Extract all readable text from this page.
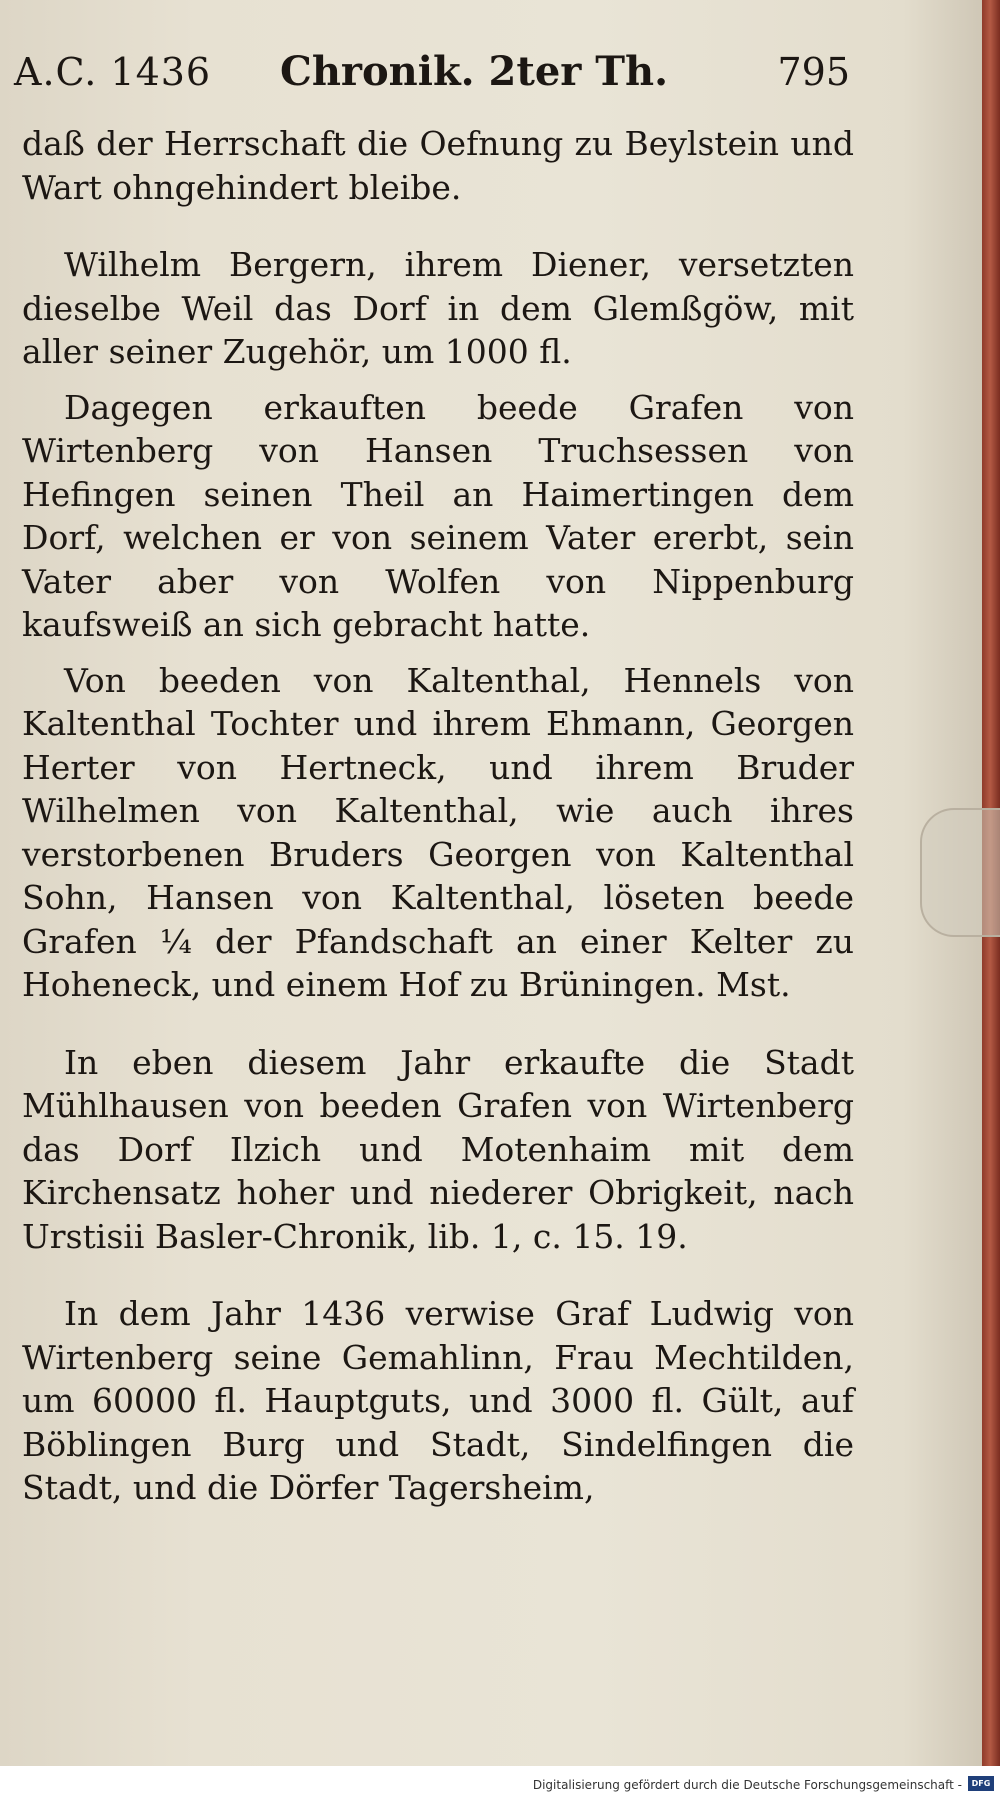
A.C. 1436 Chronik. 2ter Th.	795

daß der Herrschaft die Oefnung zu Beylstein und Wart ohngehindert bleibe.

Wilhelm Bergern, ihrem Diener, versetzten dieselbe Weil das Dorf in dem Glemßgöw, mit aller seiner Zugehör, um 1000 fl.

Dagegen erkauften beede Grafen von Wirtenberg von Hansen Truchsessen von Hefingen seinen Theil an Haimertingen dem Dorf, welchen er von seinem Vater ererbt, sein Vater aber von Wolfen von Nippenburg kaufsweiß an sich gebracht hatte.

Von beeden von Kaltenthal, Hennels von Kaltenthal Tochter und ihrem Ehmann, Georgen Herter von Hertneck, und ihrem Bruder Wilhelmen von Kaltenthal, wie auch ihres verstorbenen Bruders Georgen von Kaltenthal Sohn, Hansen von Kaltenthal, löseten beede Grafen ¼ der Pfandschaft an einer Kelter zu Hoheneck, und einem Hof zu Brüningen. Mst.

In eben diesem Jahr erkaufte die Stadt Mühlhausen von beeden Grafen von Wirtenberg das Dorf Ilzich und Motenhaim mit dem Kirchensatz hoher und niederer Obrigkeit, nach Urstisii Basler-Chronik, lib. 1, c. 15. 19.

In dem Jahr 1436 verwise Graf Ludwig von Wirtenberg seine Gemahlinn, Frau Mechtilden, um 60000 fl. Hauptguts, und 3000 fl. Gült, auf Böblingen Burg und Stadt, Sindelfingen die Stadt, und die Dörfer Tagersheim,

Digitalisierung gefördert durch die Deutsche Forschungsgemeinschaft -	DFG
